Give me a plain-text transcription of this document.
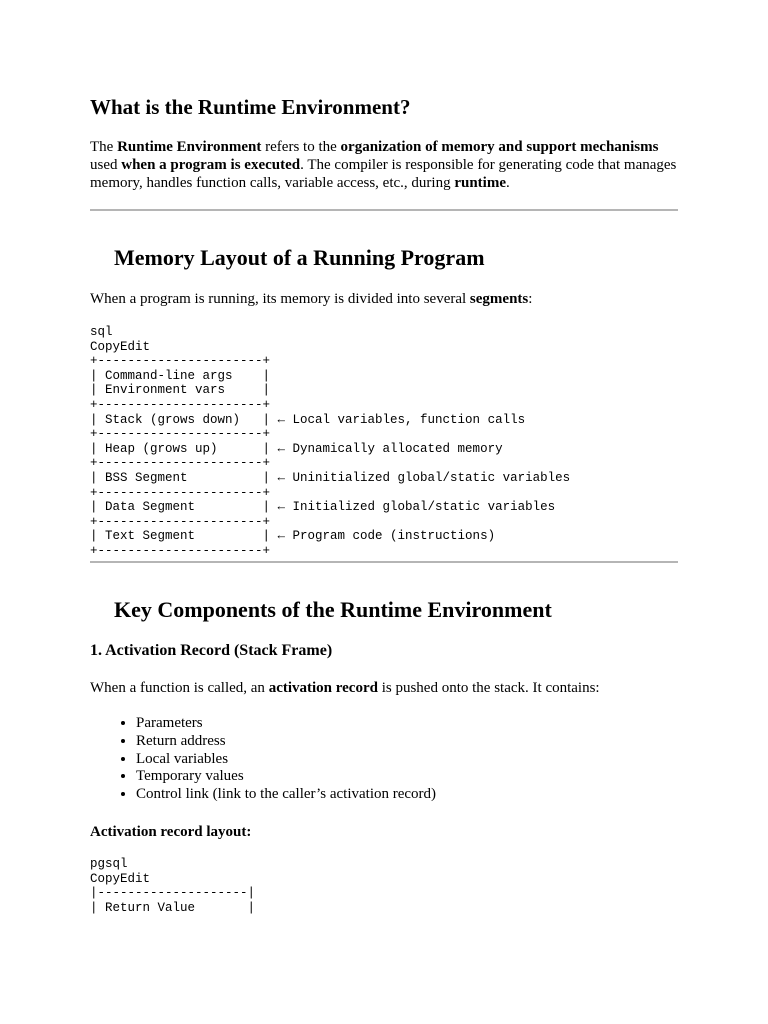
What is the Runtime Environment?

The Runtime Environment refers to the organization of memory and support mechanisms used when a program is executed. The compiler is responsible for generating code that manages memory, handles function calls, variable access, etc., during runtime.

Memory Layout of a Running Program

When a program is running, its memory is divided into several segments:

sql
CopyEdit
+----------------------+
| Command-line args    |
| Environment vars     |
+----------------------+
| Stack (grows down)   | ← Local variables, function calls
+----------------------+
| Heap (grows up)      | ← Dynamically allocated memory
+----------------------+
| BSS Segment          | ← Uninitialized global/static variables
+----------------------+
| Data Segment         | ← Initialized global/static variables
+----------------------+
| Text Segment         | ← Program code (instructions)
+----------------------+
Key Components of the Runtime Environment
1. Activation Record (Stack Frame)

When a function is called, an activation record is pushed onto the stack. It contains:

• Parameters
• Return address
• Local variables
• Temporary values
• Control link (link to the caller’s activation record)

Activation record layout:

pgsql
CopyEdit
|--------------------|
| Return Value       |
